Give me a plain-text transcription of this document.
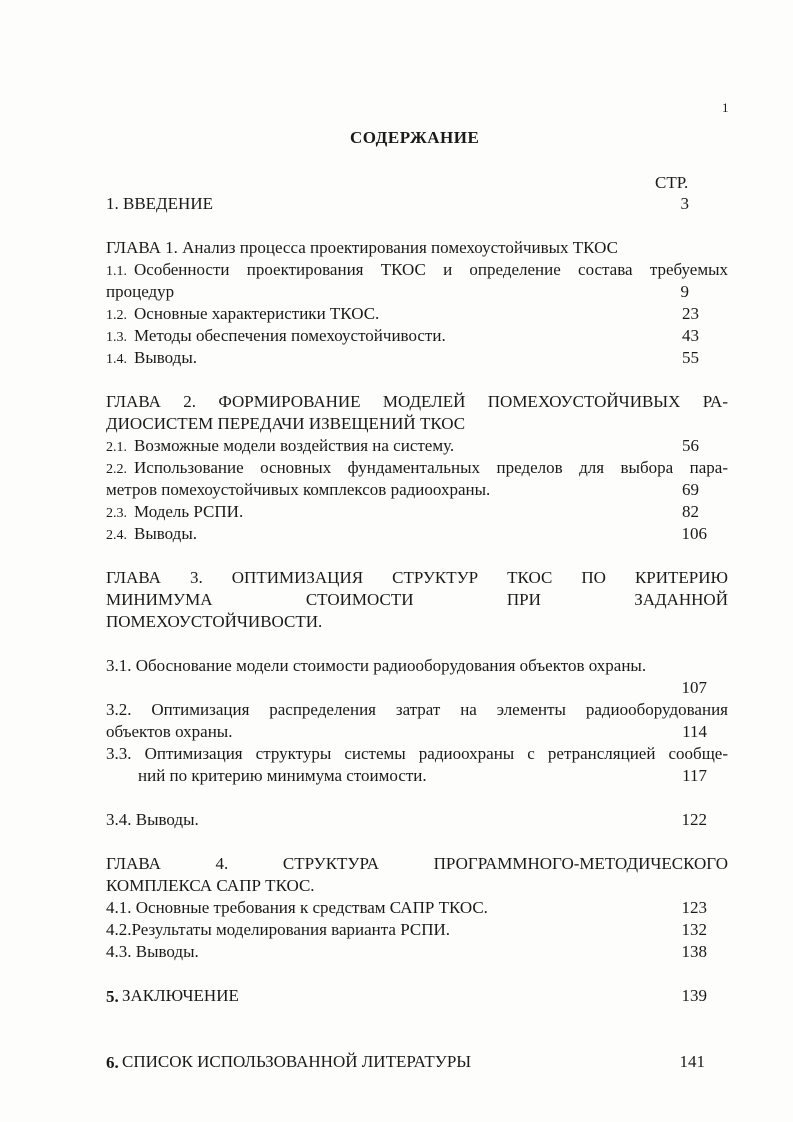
1
СОДЕРЖАНИЕ
СТР.
1. ВВЕДЕНИЕ	3
ГЛАВА 1. Анализ процесса проектирования помехоустойчивых ТКОС
1.1. Особенности проектирования ТКОС и определение состава требуемых
процедур	9
1.2. Основные характеристики ТКОС.	23
1.3. Методы обеспечения помехоустойчивости.	43
1.4. Выводы.	55
ГЛАВА 2. ФОРМИРОВАНИЕ МОДЕЛЕЙ ПОМЕХОУСТОЙЧИВЫХ РА-
ДИОСИСТЕМ ПЕРЕДАЧИ ИЗВЕЩЕНИЙ ТКОС
2.1. Возможные модели воздействия на систему.	56
2.2. Использование основных фундаментальных пределов для выбора пара-
метров помехоустойчивых комплексов радиоохраны.	69
2.3. Модель РСПИ.	82
2.4. Выводы.	106
ГЛАВА 3. ОПТИМИЗАЦИЯ СТРУКТУР ТКОС ПО КРИТЕРИЮ
МИНИМУМА СТОИМОСТИ ПРИ ЗАДАННОЙ
ПОМЕХОУСТОЙЧИВОСТИ.
3.1. Обоснование модели стоимости радиооборудования объектов охраны.
107
3.2. Оптимизация распределения затрат на элементы радиооборудования
объектов охраны.	114
3.3. Оптимизация структуры системы радиоохраны с ретрансляцией сообще-
ний по критерию минимума стоимости.	117
3.4. Выводы.	122
ГЛАВА 4. СТРУКТУРА ПРОГРАММНОГО-МЕТОДИЧЕСКОГО
КОМПЛЕКСА САПР ТКОС.
4.1. Основные требования к средствам САПР ТКОС.	123
4.2.Результаты моделирования варианта РСПИ.	132
4.3. Выводы.	138
5. ЗАКЛЮЧЕНИЕ	139
6. СПИСОК ИСПОЛЬЗОВАННОЙ ЛИТЕРАТУРЫ	141
